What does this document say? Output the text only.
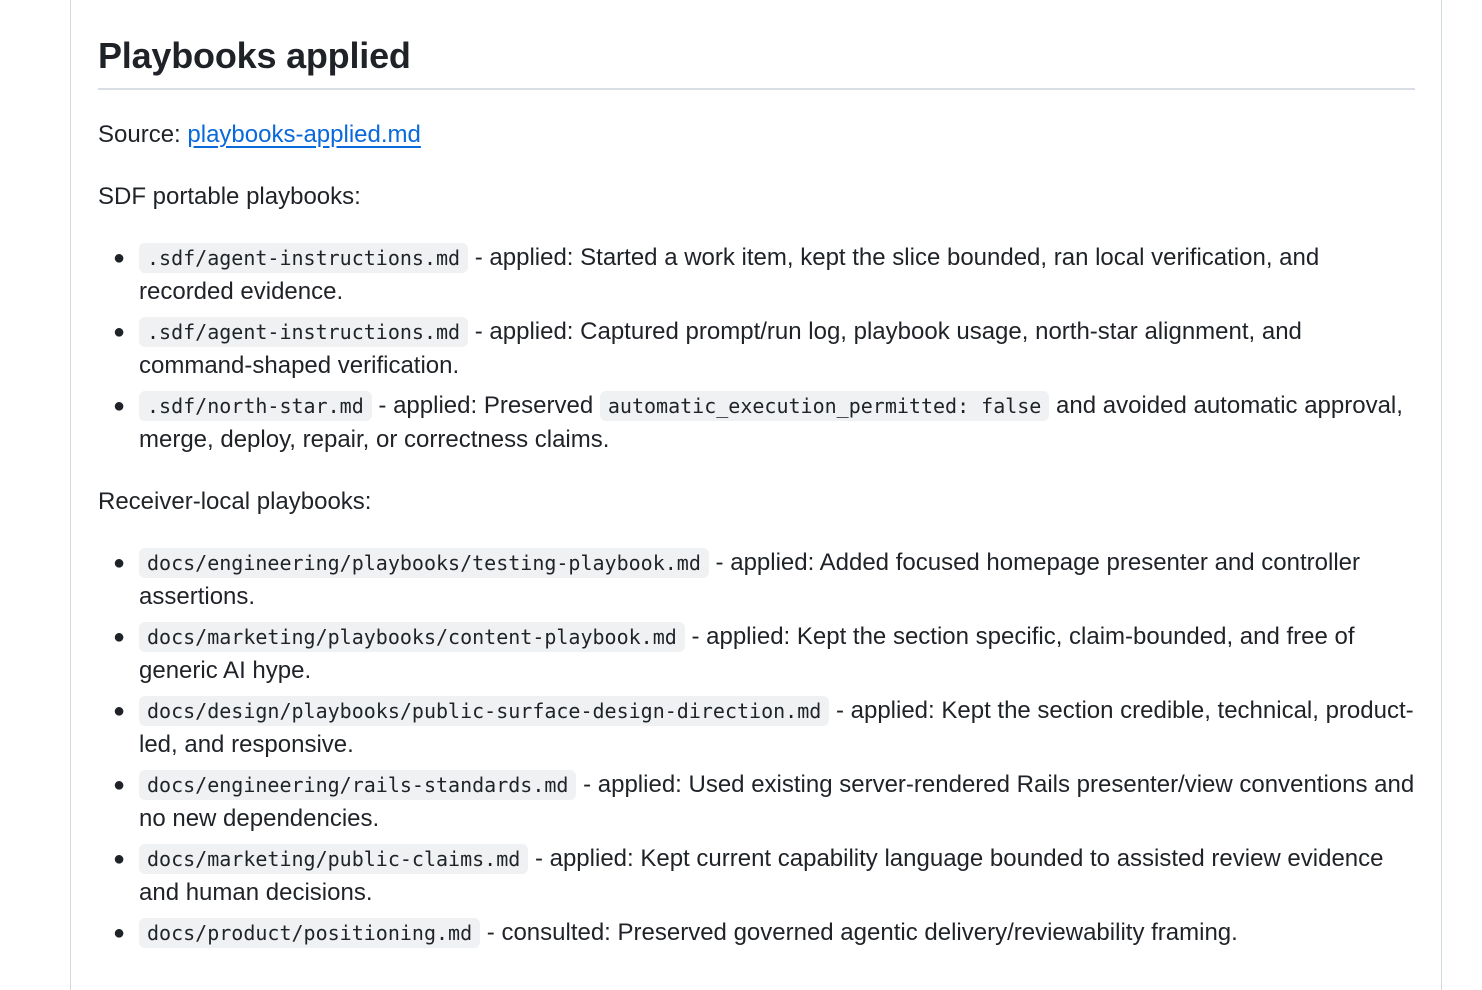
Playbooks applied

Source: playbooks-applied.md

SDF portable playbooks:

● .sdf/agent-instructions.md - applied: Started a work item, kept the slice bounded, ran local verification, and recorded evidence.
● .sdf/agent-instructions.md - applied: Captured prompt/run log, playbook usage, north-star alignment, and command-shaped verification.
● .sdf/north-star.md - applied: Preserved automatic_execution_permitted: false and avoided automatic approval, merge, deploy, repair, or correctness claims.

Receiver-local playbooks:

● docs/engineering/playbooks/testing-playbook.md - applied: Added focused homepage presenter and controller assertions.
● docs/marketing/playbooks/content-playbook.md - applied: Kept the section specific, claim-bounded, and free of generic AI hype.
● docs/design/playbooks/public-surface-design-direction.md - applied: Kept the section credible, technical, product-led, and responsive.
● docs/engineering/rails-standards.md - applied: Used existing server-rendered Rails presenter/view conventions and no new dependencies.
● docs/marketing/public-claims.md - applied: Kept current capability language bounded to assisted review evidence and human decisions.
● docs/product/positioning.md - consulted: Preserved governed agentic delivery/reviewability framing.
